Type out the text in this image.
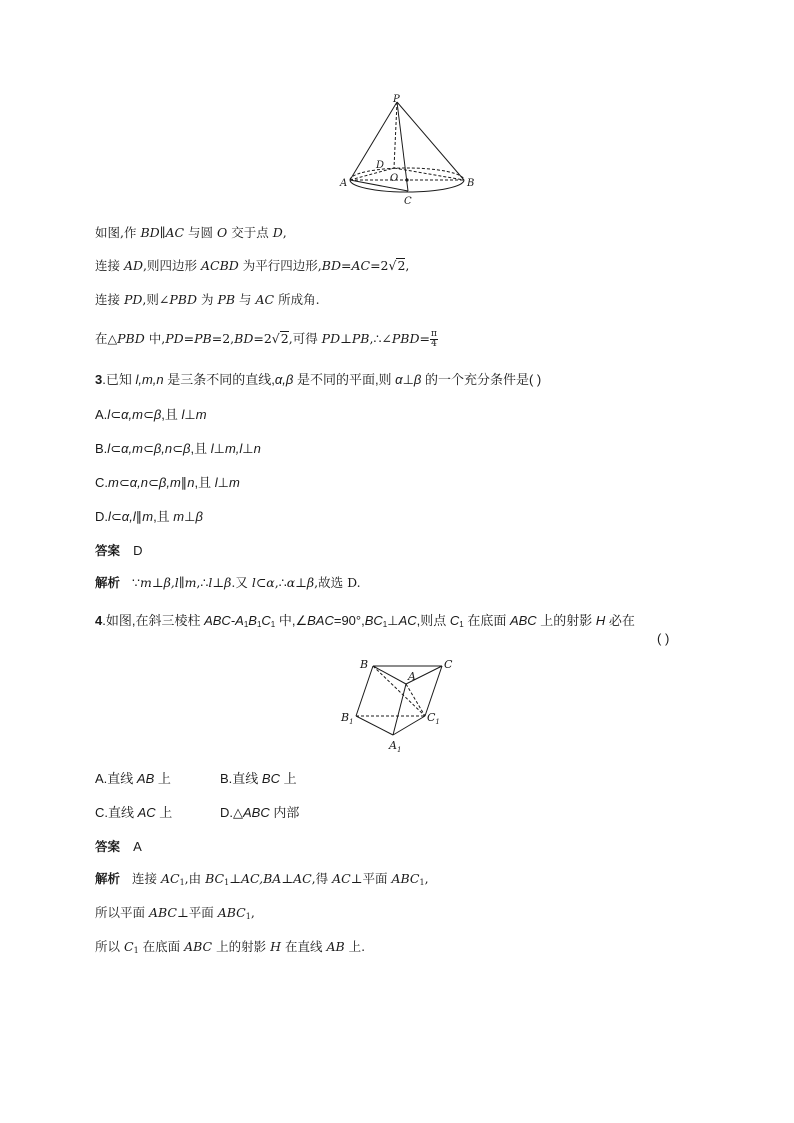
P
D
O
A	B
C
如图,作 BD∥AC 与圆 O 交于点 D,
连接 AD,则四边形 ACBD 为平行四边形,BD=AC=2√2,
连接 PD,则∠PBD 为 PB 与 AC 所成角.
在△PBD 中,PD=PB=2,BD=2√2,可得 PD⊥PB,∴∠PBD= $\frac{\pi}{4}$
3.已知 l,m,n 是三条不同的直线,α,β 是不同的平面,则 α⊥β 的一个充分条件是( )
A.l⊂α,m⊂β,且 l⊥m
B.l⊂α,m⊂β,n⊂β,且 l⊥m,l⊥n
C.m⊂α,n⊂β,m∥n,且 l⊥m
D.l⊂α,l∥m,且 m⊥β
答案 D
解析 ∵m⊥β,l∥m,∴l⊥β.又 l⊂α,∴α⊥β,故选 D.
4.如图,在斜三棱柱 ABC-$A_1B_1C_1$ 中$,\angle BAC=90^\circ,BC_1\perp AC$,则点 $C_1$ 在底面 ABC 上的射影 H 必在
( )
B	C
A
$B_1$	$C_1$
$A_1$
A.直线 AB 上	B.直线 BC 上
C.直线 AC 上	D.△ABC 内部
答案 A
解析 连接 $AC_1$,由 $BC_1\perp AC,BA\perp AC$,得 AC⊥平面 $ABC_1$,
所以平面 ABC⊥平面 $ABC_1$,
所以 $C_1$ 在底面 ABC 上的射影 H 在直线 AB 上.
